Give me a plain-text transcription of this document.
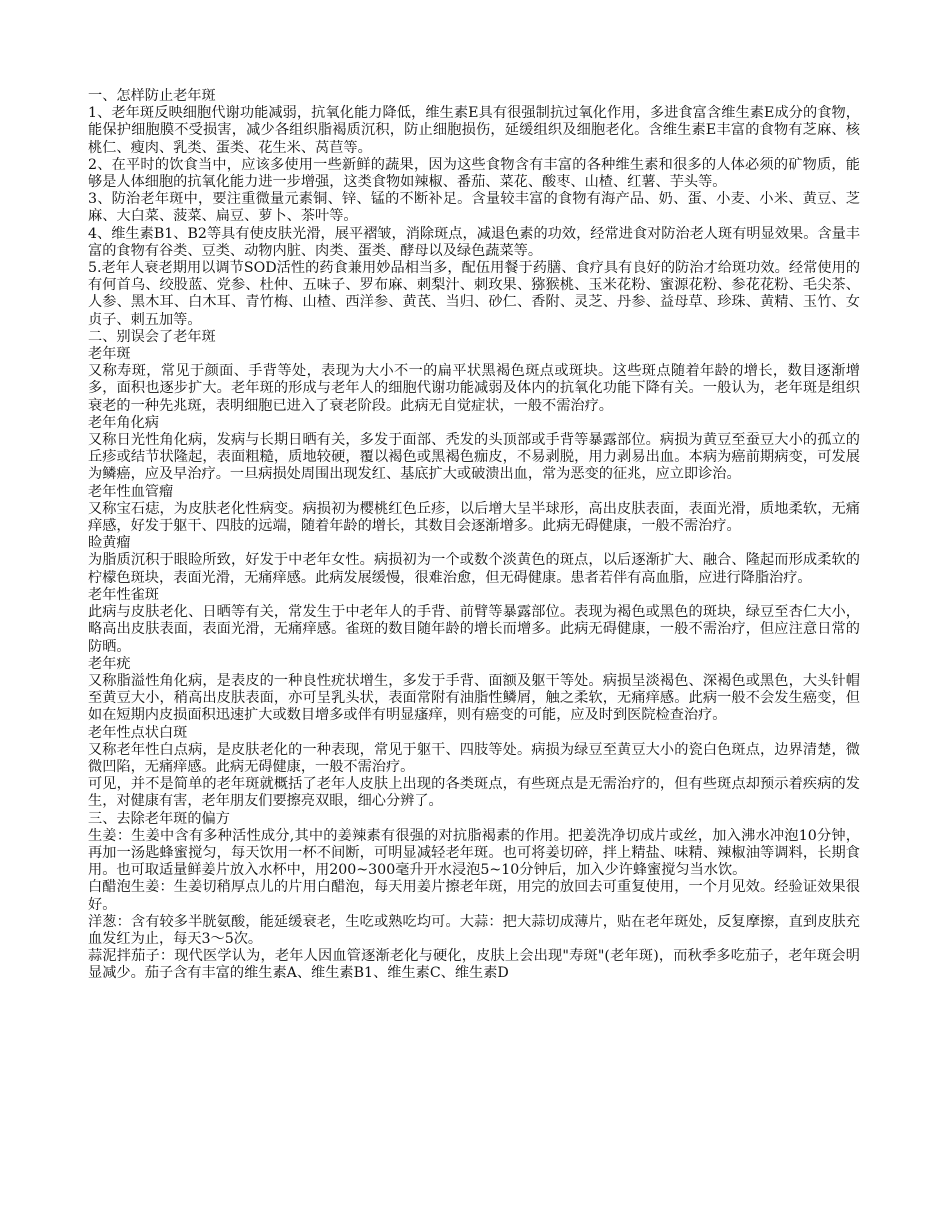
一、怎样防止老年斑

1、老年斑反映细胞代谢功能减弱，抗氧化能力降低，维生素E具有很强制抗过氧化作用，多进食富含维生素E成分的食物，能保护细胞膜不受损害，减少各组织脂褐质沉积，防止细胞损伤，延缓组织及细胞老化。含维生素E丰富的食物有芝麻、核桃仁、瘦肉、乳类、蛋类、花生米、莴苣等。

2、在平时的饮食当中，应该多使用一些新鲜的蔬果，因为这些食物含有丰富的各种维生素和很多的人体必须的矿物质，能够是人体细胞的抗氧化能力进一步增强，这类食物如辣椒、番茄、菜花、酸枣、山楂、红薯、芋头等。

3、防治老年斑中，要注重微量元素铜、锌、锰的不断补足。含量较丰富的食物有海产品、奶、蛋、小麦、小米、黄豆、芝麻、大白菜、菠菜、扁豆、萝卜、茶叶等。

4、维生素B1、B2等具有使皮肤光滑，展平褶皱，消除斑点，减退色素的功效，经常进食对防治老人斑有明显效果。含量丰富的食物有谷类、豆类、动物内脏、肉类、蛋类、酵母以及绿色蔬菜等。

5.老年人衰老期用以调节SOD活性的药食兼用妙品相当多，配伍用餐于药膳、食疗具有良好的防治才给斑功效。经常使用的有何首乌、绞股蓝、党参、杜仲、五味子、罗布麻、刺梨汁、刺玫果、猕猴桃、玉米花粉、蜜源花粉、参花花粉、毛尖茶、人参、黑木耳、白木耳、青竹梅、山楂、西洋参、黄芪、当归、砂仁、香附、灵芝、丹参、益母草、珍珠、黄精、玉竹、女贞子、刺五加等。

二、别误会了老年斑
老年斑

又称寿斑，常见于颜面、手背等处，表现为大小不一的扁平状黑褐色斑点或斑块。这些斑点随着年龄的增长，数目逐渐增多，面积也逐步扩大。老年斑的形成与老年人的细胞代谢功能减弱及体内的抗氧化功能下降有关。一般认为，老年斑是组织衰老的一种先兆斑，表明细胞已进入了衰老阶段。此病无自觉症状，一般不需治疗。

老年角化病

又称日光性角化病，发病与长期日晒有关，多发于面部、秃发的头顶部或手背等暴露部位。病损为黄豆至蚕豆大小的孤立的丘疹或结节状隆起，表面粗糙，质地较硬，覆以褐色或黑褐色痂皮，不易剥脱，用力剥易出血。本病为癌前期病变，可发展为鳞癌，应及早治疗。一旦病损处周围出现发红、基底扩大或破溃出血，常为恶变的征兆，应立即诊治。

老年性血管瘤

又称宝石痣，为皮肤老化性病变。病损初为樱桃红色丘疹，以后增大呈半球形，高出皮肤表面，表面光滑，质地柔软，无痛痒感，好发于躯干、四肢的远端，随着年龄的增长，其数目会逐渐增多。此病无碍健康，一般不需治疗。

睑黄瘤

为脂质沉积于眼睑所致，好发于中老年女性。病损初为一个或数个淡黄色的斑点，以后逐渐扩大、融合、隆起而形成柔软的柠檬色斑块，表面光滑，无痛痒感。此病发展缓慢，很难治愈，但无碍健康。患者若伴有高血脂，应进行降脂治疗。

老年性雀斑

此病与皮肤老化、日晒等有关，常发生于中老年人的手背、前臂等暴露部位。表现为褐色或黑色的斑块，绿豆至杏仁大小，略高出皮肤表面，表面光滑，无痛痒感。雀斑的数目随年龄的增长而增多。此病无碍健康，一般不需治疗，但应注意日常的防晒。

老年疣

又称脂溢性角化病，是表皮的一种良性疣状增生，多发于手背、面额及躯干等处。病损呈淡褐色、深褐色或黑色，大头针帽至黄豆大小，稍高出皮肤表面，亦可呈乳头状，表面常附有油脂性鳞屑，触之柔软，无痛痒感。此病一般不会发生癌变，但如在短期内皮损面积迅速扩大或数目增多或伴有明显瘙痒，则有癌变的可能，应及时到医院检查治疗。

老年性点状白斑

又称老年性白点病，是皮肤老化的一种表现，常见于躯干、四肢等处。病损为绿豆至黄豆大小的瓷白色斑点，边界清楚，微微凹陷，无痛痒感。此病无碍健康，一般不需治疗。

可见，并不是简单的老年斑就概括了老年人皮肤上出现的各类斑点，有些斑点是无需治疗的，但有些斑点却预示着疾病的发生，对健康有害，老年朋友们要擦亮双眼，细心分辨了。

三、去除老年斑的偏方

生姜：生姜中含有多种活性成分,其中的姜辣素有很强的对抗脂褐素的作用。把姜洗净切成片或丝，加入沸水冲泡10分钟，再加一汤匙蜂蜜搅匀，每天饮用一杯不间断，可明显减轻老年斑。也可将姜切碎，拌上精盐、味精、辣椒油等调料，长期食用。也可取适量鲜姜片放入水杯中，用200~300毫升开水浸泡5~10分钟后，加入少许蜂蜜搅匀当水饮。

白醋泡生姜：生姜切稍厚点儿的片用白醋泡，每天用姜片擦老年斑，用完的放回去可重复使用，一个月见效。经验证效果很好。

洋葱：含有较多半胱氨酸，能延缓衰老，生吃或熟吃均可。大蒜：把大蒜切成薄片，贴在老年斑处，反复摩擦，直到皮肤充血发红为止，每天3～5次。

蒜泥拌茄子：现代医学认为，老年人因血管逐渐老化与硬化，皮肤上会出现"寿斑"(老年斑)，而秋季多吃茄子，老年斑会明显减少。茄子含有丰富的维生素A、维生素B1、维生素C、维生素D
